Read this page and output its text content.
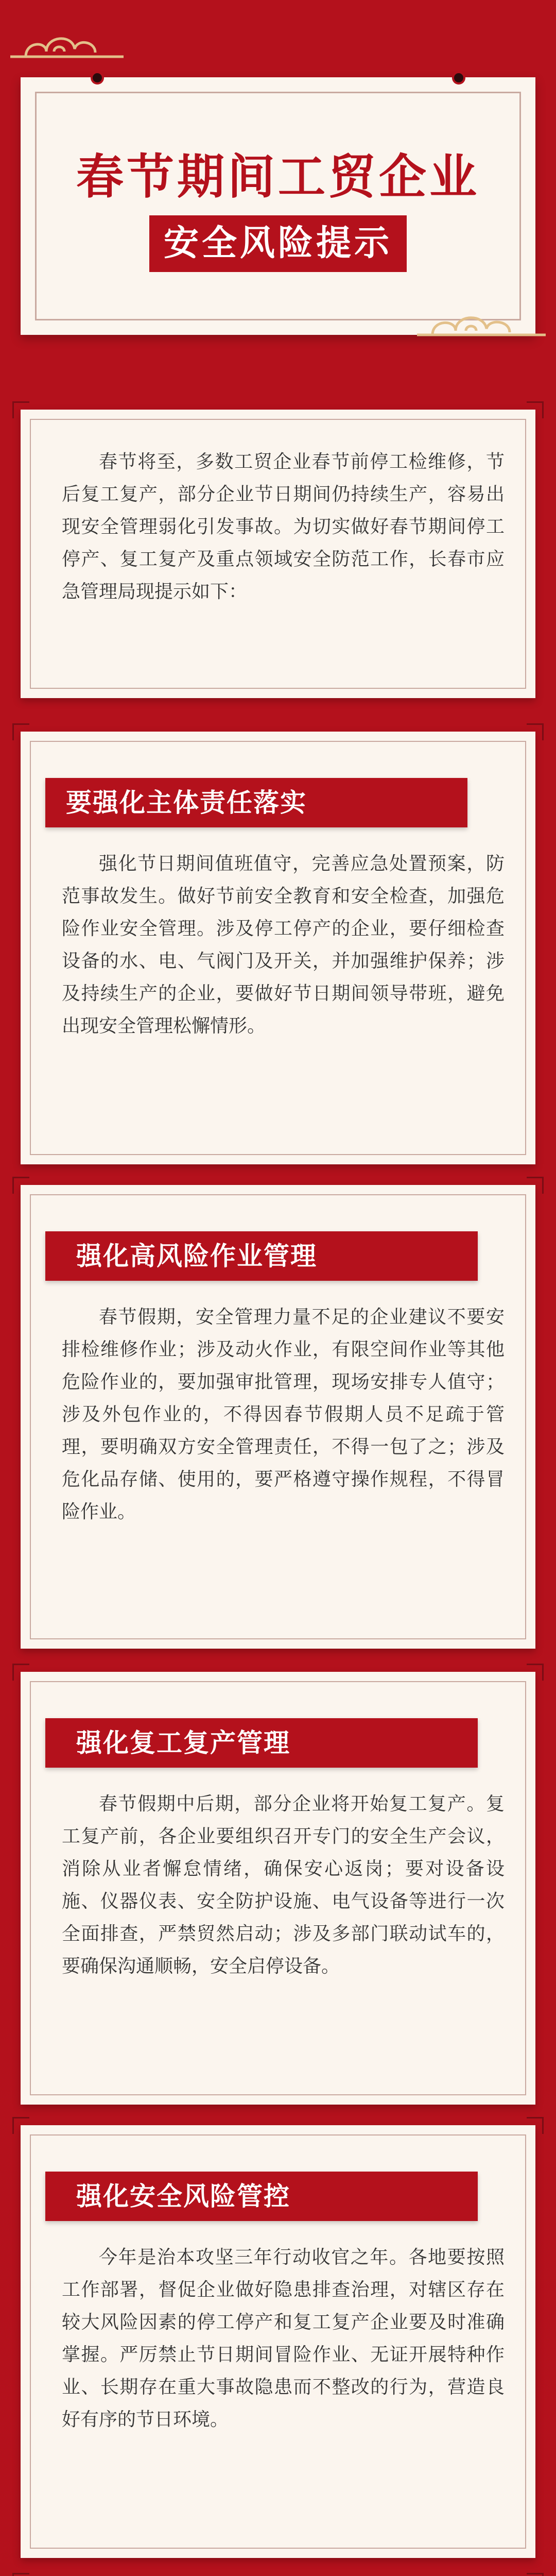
春节期间工贸企业
安全风险提示
春节将至，多数工贸企业春节前停工检维修，节后复工复产，部分企业节日期间仍持续生产，容易出现安全管理弱化引发事故。为切实做好春节期间停工停产、复工复产及重点领域安全防范工作，长春市应急管理局现提示如下：
要强化主体责任落实
强化节日期间值班值守，完善应急处置预案，防范事故发生。做好节前安全教育和安全检查，加强危险作业安全管理。涉及停工停产的企业，要仔细检查设备的水、电、气阀门及开关，并加强维护保养；涉及持续生产的企业，要做好节日期间领导带班，避免出现安全管理松懈情形。
强化高风险作业管理
春节假期，安全管理力量不足的企业建议不要安排检维修作业；涉及动火作业，有限空间作业等其他危险作业的，要加强审批管理，现场安排专人值守；涉及外包作业的，不得因春节假期人员不足疏于管理，要明确双方安全管理责任，不得一包了之；涉及危化品存储、使用的，要严格遵守操作规程，不得冒险作业。
强化复工复产管理
春节假期中后期，部分企业将开始复工复产。复工复产前，各企业要组织召开专门的安全生产会议，消除从业者懈怠情绪，确保安心返岗；要对设备设施、仪器仪表、安全防护设施、电气设备等进行一次全面排查，严禁贸然启动；涉及多部门联动试车的，要确保沟通顺畅，安全启停设备。
强化安全风险管控
今年是治本攻坚三年行动收官之年。各地要按照工作部署，督促企业做好隐患排查治理，对辖区存在较大风险因素的停工停产和复工复产企业要及时准确掌握。严厉禁止节日期间冒险作业、无证开展特种作业、长期存在重大事故隐患而不整改的行为，营造良好有序的节日环境。
